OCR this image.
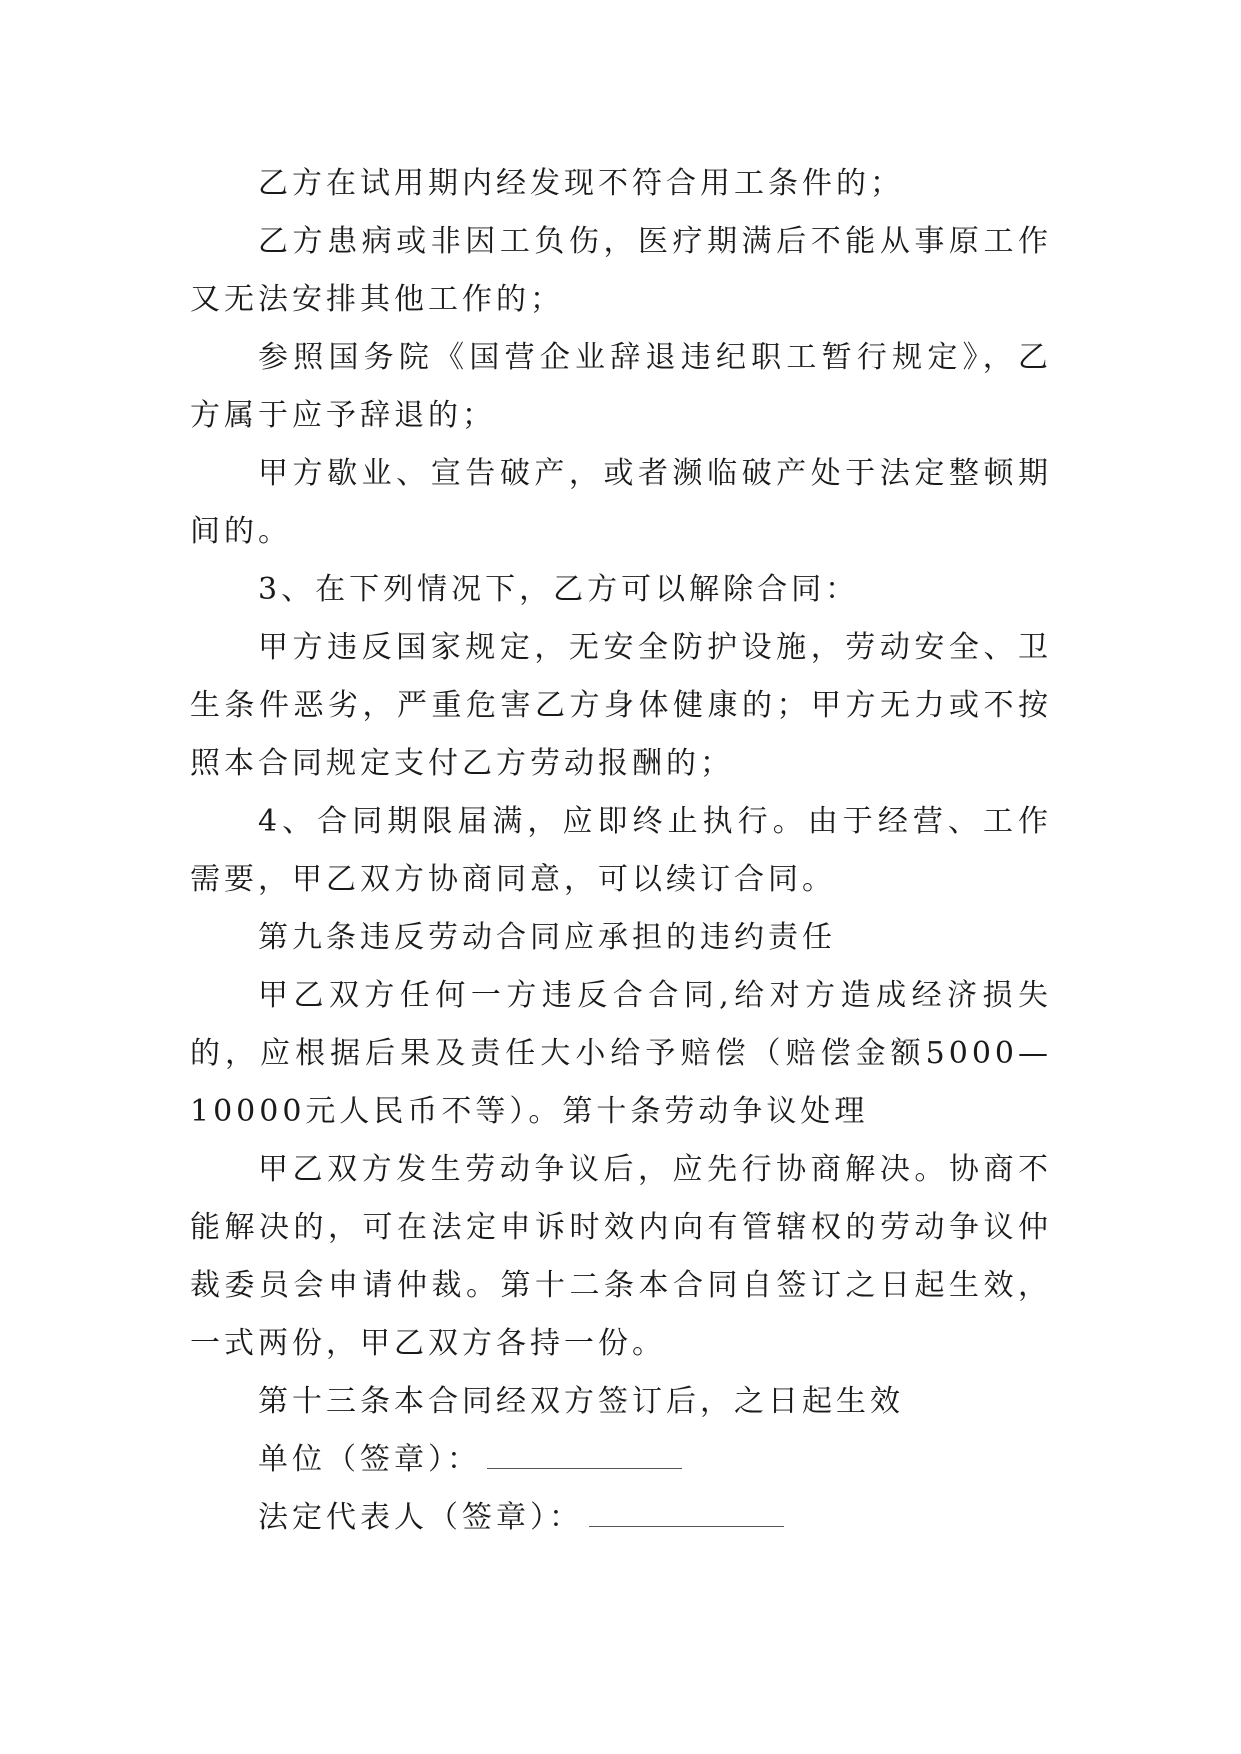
乙方在试用期内经发现不符合用工条件的；

乙方患病或非因工负伤，医疗期满后不能从事原工作又无法安排其他工作的；

参照国务院《国营企业辞退违纪职工暂行规定》，乙方属于应予辞退的；

甲方歇业、宣告破产，或者濒临破产处于法定整顿期间的。

3、在下列情况下，乙方可以解除合同：

甲方违反国家规定，无安全防护设施，劳动安全、卫生条件恶劣，严重危害乙方身体健康的；甲方无力或不按照本合同规定支付乙方劳动报酬的；

4、合同期限届满，应即终止执行。由于经营、工作需要，甲乙双方协商同意，可以续订合同。

第九条违反劳动合同应承担的违约责任

甲乙双方任何一方违反合合同,给对方造成经济损失的，应根据后果及责任大小给予赔偿（赔偿金额5000—10000元人民币不等）。第十条劳动争议处理

甲乙双方发生劳动争议后，应先行协商解决。协商不能解决的，可在法定申诉时效内向有管辖权的劳动争议仲裁委员会申请仲裁。第十二条本合同自签订之日起生效，一式两份，甲乙双方各持一份。

第十三条本合同经双方签订后，之日起生效

单位（签章）：

法定代表人（签章）：
